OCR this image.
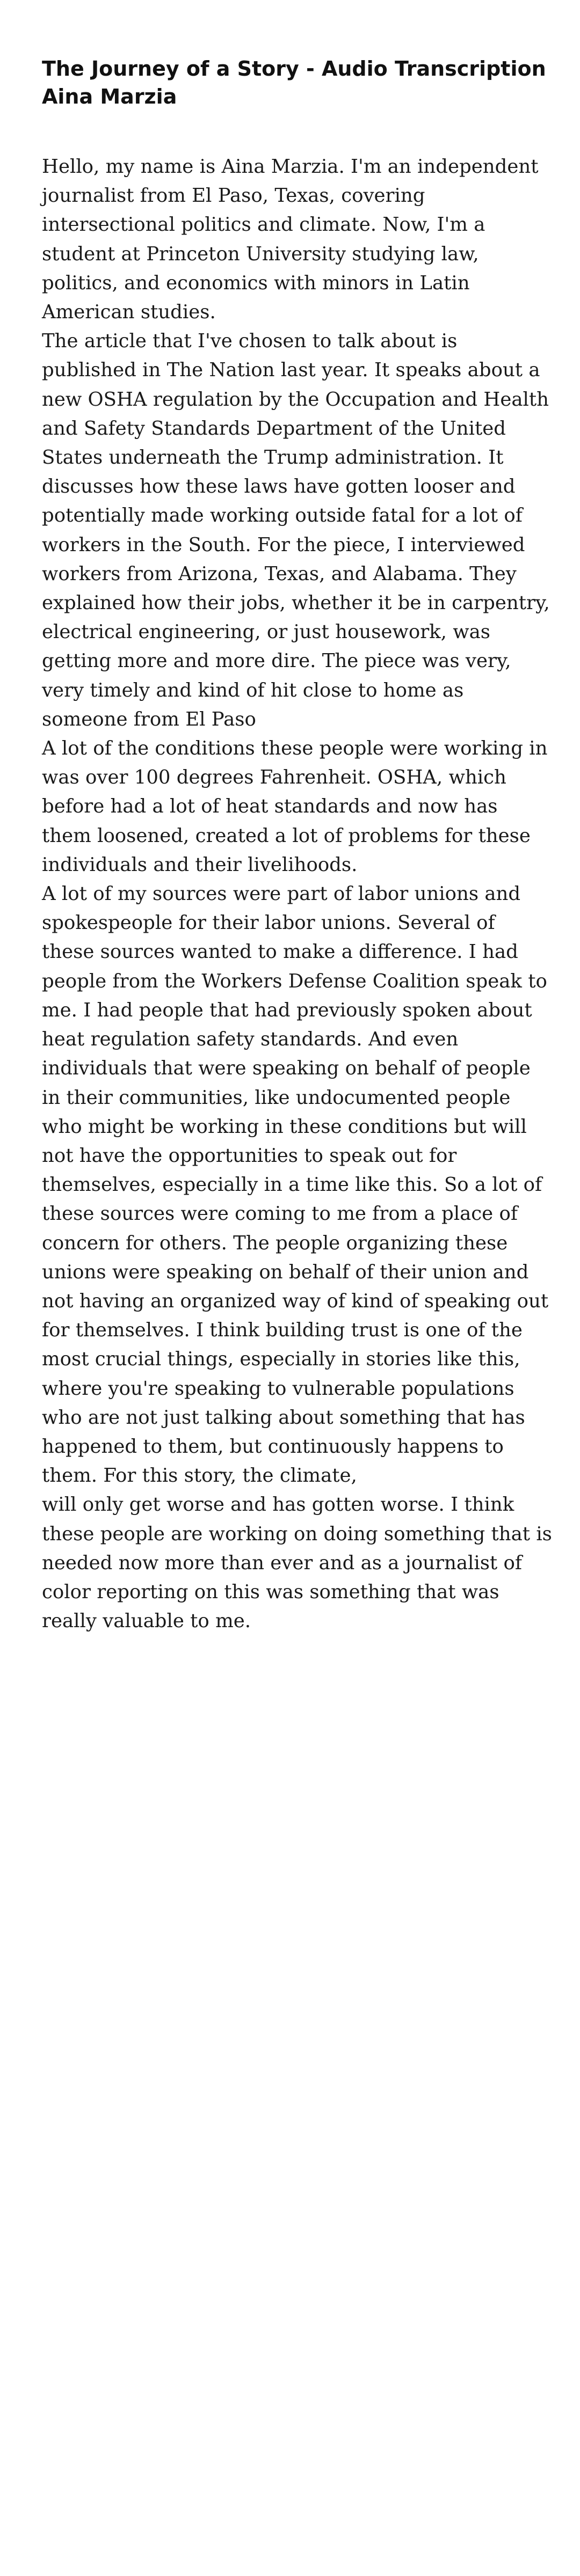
The Journey of a Story - Audio Transcription
Aina Marzia

Hello, my name is Aina Marzia. I'm an independent journalist from El Paso, Texas, covering intersectional politics and climate. Now, I'm a student at Princeton University studying law, politics, and economics with minors in Latin American studies.

The article that I've chosen to talk about is published in The Nation last year. It speaks about a new OSHA regulation by the Occupation and Health and Safety Standards Department of the United States underneath the Trump administration. It discusses how these laws have gotten looser and potentially made working outside fatal for a lot of workers in the South. For the piece, I interviewed workers from Arizona, Texas, and Alabama. They explained how their jobs, whether it be in carpentry, electrical engineering, or just housework, was getting more and more dire. The piece was very, very timely and kind of hit close to home as someone from El Paso

A lot of the conditions these people were working in was over 100 degrees Fahrenheit. OSHA, which before had a lot of heat standards and now has them loosened, created a lot of problems for these individuals and their livelihoods.

A lot of my sources were part of labor unions and spokespeople for their labor unions. Several of these sources wanted to make a difference. I had people from the Workers Defense Coalition speak to me. I had people that had previously spoken about heat regulation safety standards. And even individuals that were speaking on behalf of people in their communities, like undocumented people who might be working in these conditions but will not have the opportunities to speak out for themselves, especially in a time like this. So a lot of these sources were coming to me from a place of concern for others. The people organizing these unions were speaking on behalf of their union and not having an organized way of kind of speaking out for themselves. I think building trust is one of the most crucial things, especially in stories like this, where you're speaking to vulnerable populations who are not just talking about something that has happened to them, but continuously happens to them. For this story, the climate,

will only get worse and has gotten worse. I think these people are working on doing something that is needed now more than ever and as a journalist of color reporting on this was something that was really valuable to me.
